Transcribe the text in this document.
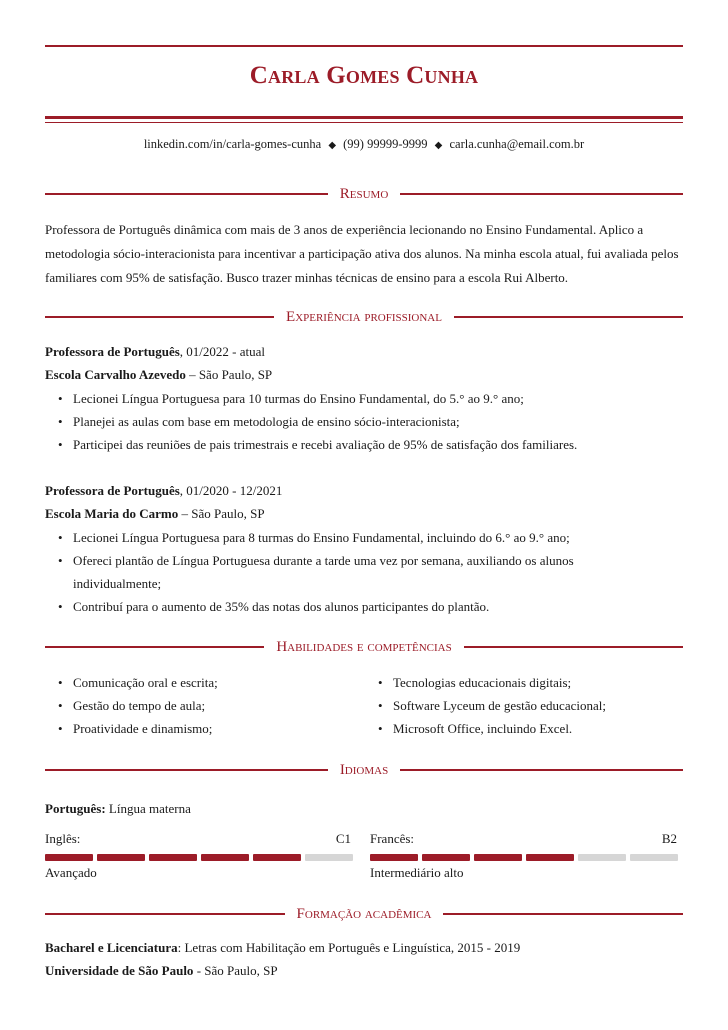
Carla Gomes Cunha
linkedin.com/in/carla-gomes-cunha ◆ (99) 99999-9999 ◆ carla.cunha@email.com.br
Resumo

Professora de Português dinâmica com mais de 3 anos de experiência lecionando no Ensino Fundamental. Aplico a metodologia sócio-interacionista para incentivar a participação ativa dos alunos. Na minha escola atual, fui avaliada pelos familiares com 95% de satisfação. Busco trazer minhas técnicas de ensino para a escola Rui Alberto.

Experiência profissional
Professora de Português, 01/2022 - atual
Escola Carvalho Azevedo – São Paulo, SP
• Lecionei Língua Portuguesa para 10 turmas do Ensino Fundamental, do 5.° ao 9.° ano;
• Planejei as aulas com base em metodologia de ensino sócio-interacionista;
• Participei das reuniões de pais trimestrais e recebi avaliação de 95% de satisfação dos familiares.
Professora de Português, 01/2020 - 12/2021
Escola Maria do Carmo – São Paulo, SP
• Lecionei Língua Portuguesa para 8 turmas do Ensino Fundamental, incluindo do 6.° ao 9.° ano;
• Ofereci plantão de Língua Portuguesa durante a tarde uma vez por semana, auxiliando os alunos individualmente;
• Contribuí para o aumento de 35% das notas dos alunos participantes do plantão.
Habilidades e competências
• Comunicação oral e escrita;
• Gestão do tempo de aula;
• Proatividade e dinamismo;
• Tecnologias educacionais digitais;
• Software Lyceum de gestão educacional;
• Microsoft Office, incluindo Excel.
Idiomas
Português: Língua materna
Inglês:	C1
Avançado
Francês:	B2
Intermediário alto
Formação acadêmica
Bacharel e Licenciatura: Letras com Habilitação em Português e Linguística, 2015 - 2019
Universidade de São Paulo - São Paulo, SP
